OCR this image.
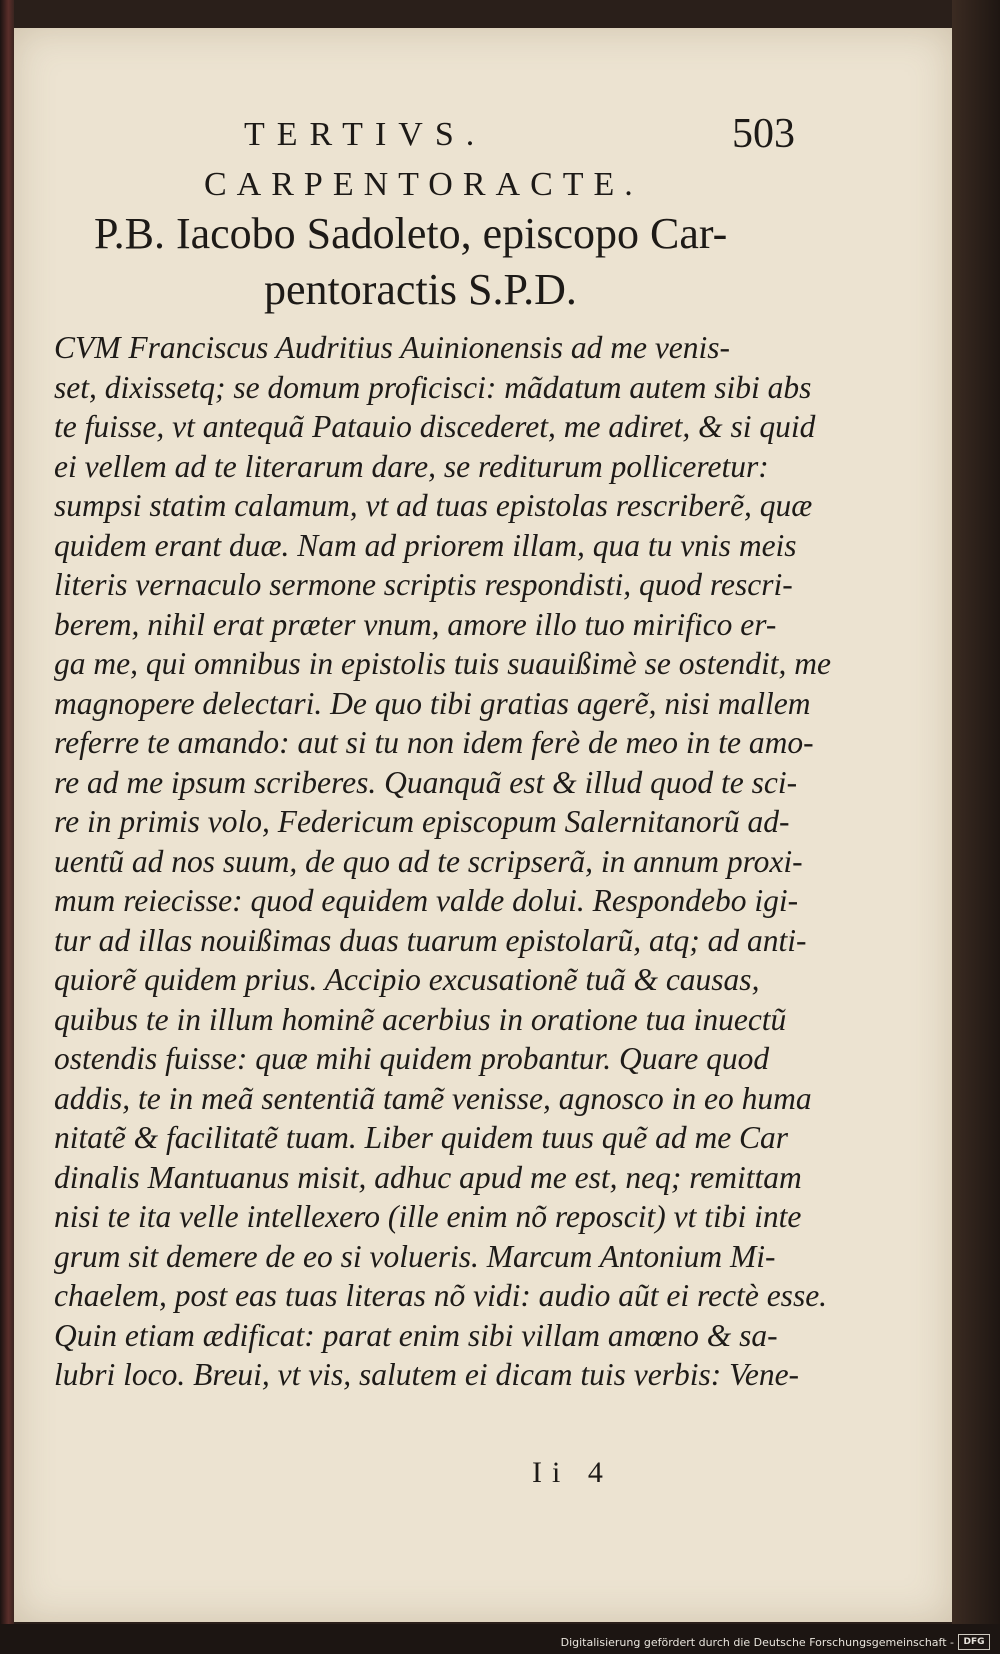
TERTIVS.	503
CARPENTORACTE.
P.B. Iacobo Sadoleto, episcopo Car-
pentoractis S.P.D.
CVM Franciscus Audritius Auinionensis ad me venis-
set, dixissetq; se domum proficisci: mãdatum autem sibi abs
te fuisse, vt antequã Patauio discederet, me adiret, & si quid
ei vellem ad te literarum dare, se rediturum polliceretur:
sumpsi statim calamum, vt ad tuas epistolas rescriberẽ, quæ
quidem erant duæ. Nam ad priorem illam, qua tu vnis meis
literis vernaculo sermone scriptis respondisti, quod rescri-
berem, nihil erat præter vnum, amore illo tuo mirifico er-
ga me, qui omnibus in epistolis tuis suauißimè se ostendit, me
magnopere delectari. De quo tibi gratias agerẽ, nisi mallem
referre te amando: aut si tu non idem ferè de meo in te amo-
re ad me ipsum scriberes. Quanquã est & illud quod te sci-
re in primis volo, Federicum episcopum Salernitanorũ ad-
uentũ ad nos suum, de quo ad te scripserã, in annum proxi-
mum reiecisse: quod equidem valde dolui. Respondebo igi-
tur ad illas nouißimas duas tuarum epistolarũ, atq; ad anti-
quiorẽ quidem prius. Accipio excusationẽ tuã & causas,
quibus te in illum hominẽ acerbius in oratione tua inuectũ
ostendis fuisse: quæ mihi quidem probantur. Quare quod
addis, te in meã sententiã tamẽ venisse, agnosco in eo huma
nitatẽ & facilitatẽ tuam. Liber quidem tuus quẽ ad me Car
dinalis Mantuanus misit, adhuc apud me est, neq; remittam
nisi te ita velle intellexero (ille enim nõ reposcit) vt tibi inte
grum sit demere de eo si volueris. Marcum Antonium Mi-
chaelem, post eas tuas literas nõ vidi: audio aũt ei rectè esse.
Quin etiam ædificat: parat enim sibi villam amœno & sa-
lubri loco. Breui, vt vis, salutem ei dicam tuis verbis: Vene-
Ii 4
Digitalisierung gefördert durch die Deutsche Forschungsgemeinschaft -	DFG
